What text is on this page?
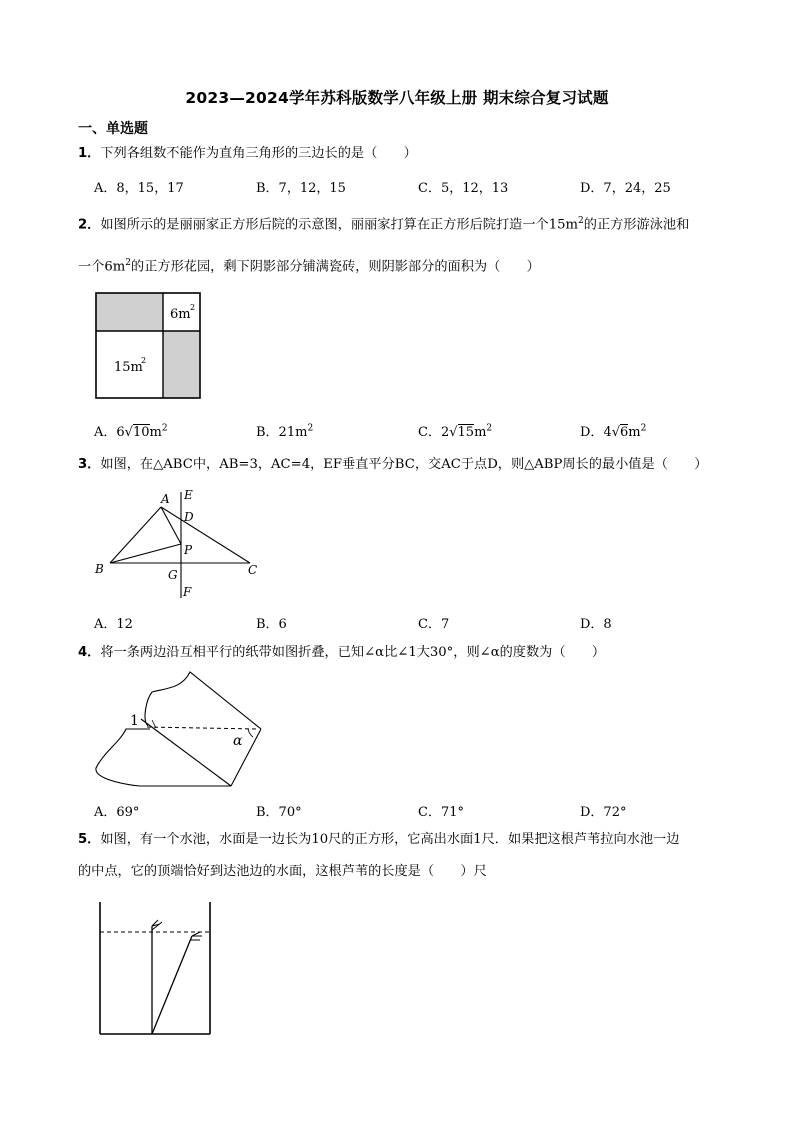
2023—2024学年苏科版数学八年级上册 期末综合复习试题
一、单选题
1．下列各组数不能作为直角三角形的三边长的是（　　）
A．8，15，17	B．7，12，15	C．5，12，13	D．7，24，25
2．如图所示的是丽丽家正方形后院的示意图，丽丽家打算在正方形后院打造一个$15m^2$的正方形游泳池和
一个$6m^2$的正方形花园，剩下阴影部分铺满瓷砖，则阴影部分的面积为（　　）
6m 2
15m
2
A．$6√10m^2$	B．$21m^2$	C．$2√15m^2$	D．$4√6m^2$
3．如图，在△ABC中，AB=3，AC=4，EF垂直平分BC，交AC于点D，则△ABP周长的最小值是（　　）
A E
D
P
B	G	C
F
A．12	B．6	C．7	D．8
4．将一条两边沿互相平行的纸带如图折叠，已知∠α比∠1大30°，则∠α的度数为（　　）
1
α
A．69°	B．70°	C．71°	D．72°
5．如图，有一个水池，水面是一边长为10尺的正方形，它高出水面1尺．如果把这根芦苇拉向水池一边
的中点，它的顶端恰好到达池边的水面，这根芦苇的长度是（　　）尺
